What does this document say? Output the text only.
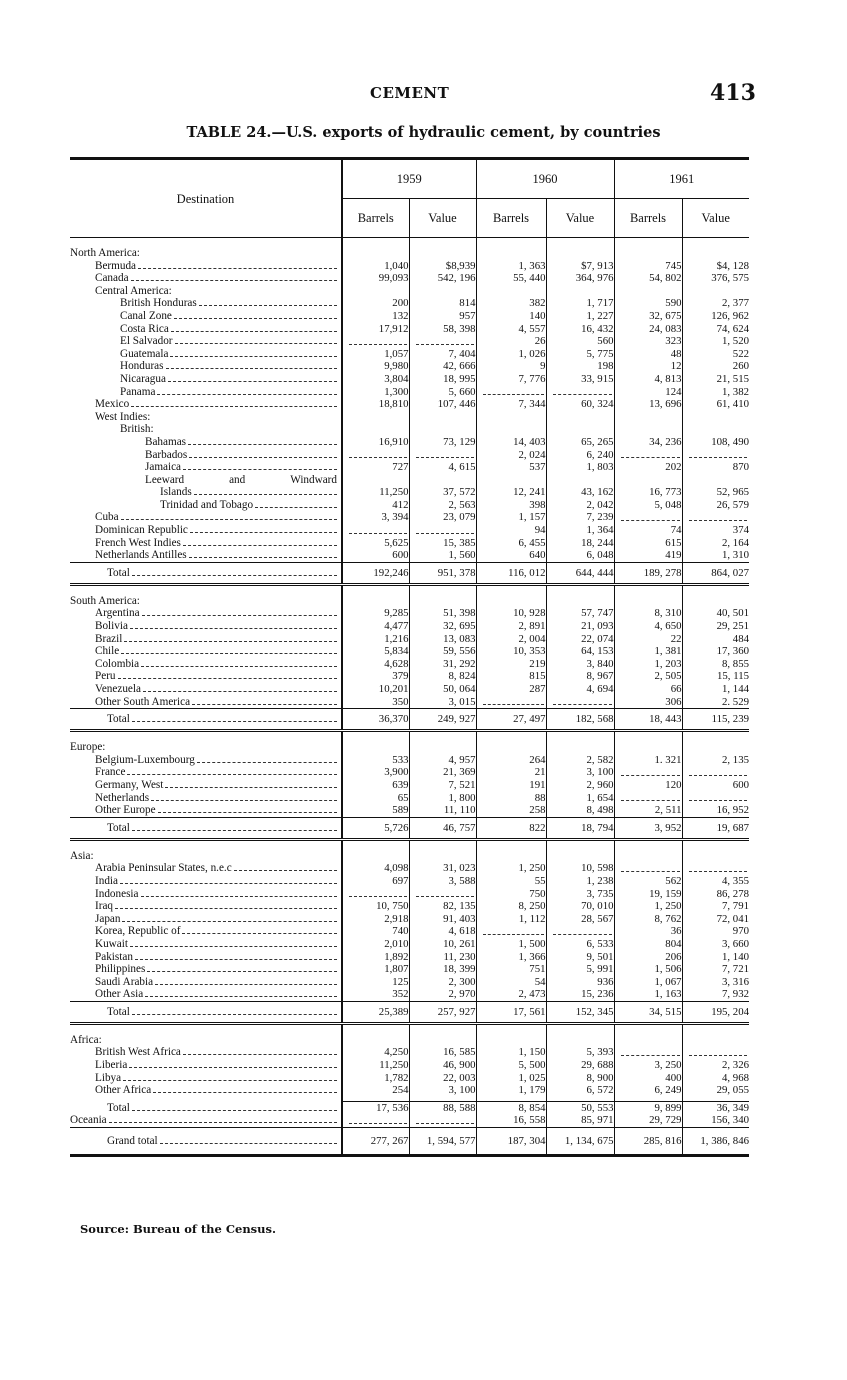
CEMENT	413
TABLE 24.—U.S. exports of hydraulic cement, by countries
Destination	1959		1960		1961	
	Barrels	Value	Barrels	Value	Barrels	Value

North America:						

Bermuda	1,040	$8,939	1, 363	$7, 913	745	$4, 128

Canada	99,093	542, 196	55, 440	364, 976	54, 802	376, 575

Central America:						

British Honduras	200	814	382	1, 717	590	2, 377

Canal Zone	132	957	140	1, 227	32, 675	126, 962

Costa Rica	17,912	58, 398	4, 557	16, 432	24, 083	74, 624

El Salvador			26	560	323	1, 520

Guatemala	1,057	7, 404	1, 026	5, 775	48	522

Honduras	9,980	42, 666	9	198	12	260

Nicaragua	3,804	18, 995	7, 776	33, 915	4, 813	21, 515

Panama	1,300	5, 660			124	1, 382

Mexico	18,810	107, 446	7, 344	60, 324	13, 696	61, 410

West Indies:						

British:						

Bahamas	16,910	73, 129	14, 403	65, 265	34, 236	108, 490

Barbados			2, 024	6, 240	

Jamaica	727	4, 615	537	1, 803	202	870

Leeward and Windward						

Islands	11,250	37, 572	12, 241	43, 162	16, 773	52, 965

Trinidad and Tobago	412	2, 563	398	2, 042	5, 048	26, 579

Cuba	3, 394	23, 079	1, 157	7, 239	

Dominican Republic			94	1, 364	74	374

French West Indies	5,625	15, 385	6, 455	18, 244	615	2, 164

Netherlands Antilles	600	1, 560	640	6, 048	419	1, 310

Total	192,246	951, 378	116, 012	644, 444	189, 278	864, 027

South America:						

Argentina	9,285	51, 398	10, 928	57, 747	8, 310	40, 501

Bolivia	4,477	32, 695	2, 891	21, 093	4, 650	29, 251

Brazil	1,216	13, 083	2, 004	22, 074	22	484

Chile	5,834	59, 556	10, 353	64, 153	1, 381	17, 360

Colombia	4,628	31, 292	219	3, 840	1, 203	8, 855

Peru	379	8, 824	815	8, 967	2, 505	15, 115

Venezuela	10,201	50, 064	287	4, 694	66	1, 144

Other South America	350	3, 015			306	2. 529

Total	36,370	249, 927	27, 497	182, 568	18, 443	115, 239

Europe:						

Belgium-Luxembourg	533	4, 957	264	2, 582	1. 321	2, 135

France	3,900	21, 369	21	3, 100	

Germany, West	639	7, 521	191	2, 960	120	600

Netherlands	65	1, 800	88	1, 654	

Other Europe	589	11, 110	258	8, 498	2, 511	16, 952

Total	5,726	46, 757	822	18, 794	3, 952	19, 687

Asia:						

Arabia Peninsular States, n.e.c	4,098	31, 023	1, 250	10, 598	

India	697	3, 588	55	1, 238	562	4, 355

Indonesia			750	3, 735	19, 159	86, 278

Iraq	10, 750	82, 135	8, 250	70, 010	1, 250	7, 791

Japan	2,918	91, 403	1, 112	28, 567	8, 762	72, 041

Korea, Republic of	740	4, 618			36	970

Kuwait	2,010	10, 261	1, 500	6, 533	804	3, 660

Pakistan	1,892	11, 230	1, 366	9, 501	206	1, 140

Philippines	1,807	18, 399	751	5, 991	1, 506	7, 721

Saudi Arabia	125	2, 300	54	936	1, 067	3, 316

Other Asia	352	2, 970	2, 473	15, 236	1, 163	7, 932

Total	25,389	257, 927	17, 561	152, 345	34, 515	195, 204

Africa:						

British West Africa	4,250	16, 585	1, 150	5, 393	

Liberia	11,250	46, 900	5, 500	29, 688	3, 250	2, 326

Libya	1,782	22, 003	1, 025	8, 900	400	4, 968

Other Africa	254	3, 100	1, 179	6, 572	6, 249	29, 055

Total	17, 536	88, 588	8, 854	50, 553	9, 899	36, 349

Oceania			16, 558	85, 971	29, 729	156, 340

Grand total	277, 267	1, 594, 577	187, 304	1, 134, 675	285, 816	1, 386, 846
Source: Bureau of the Census.
